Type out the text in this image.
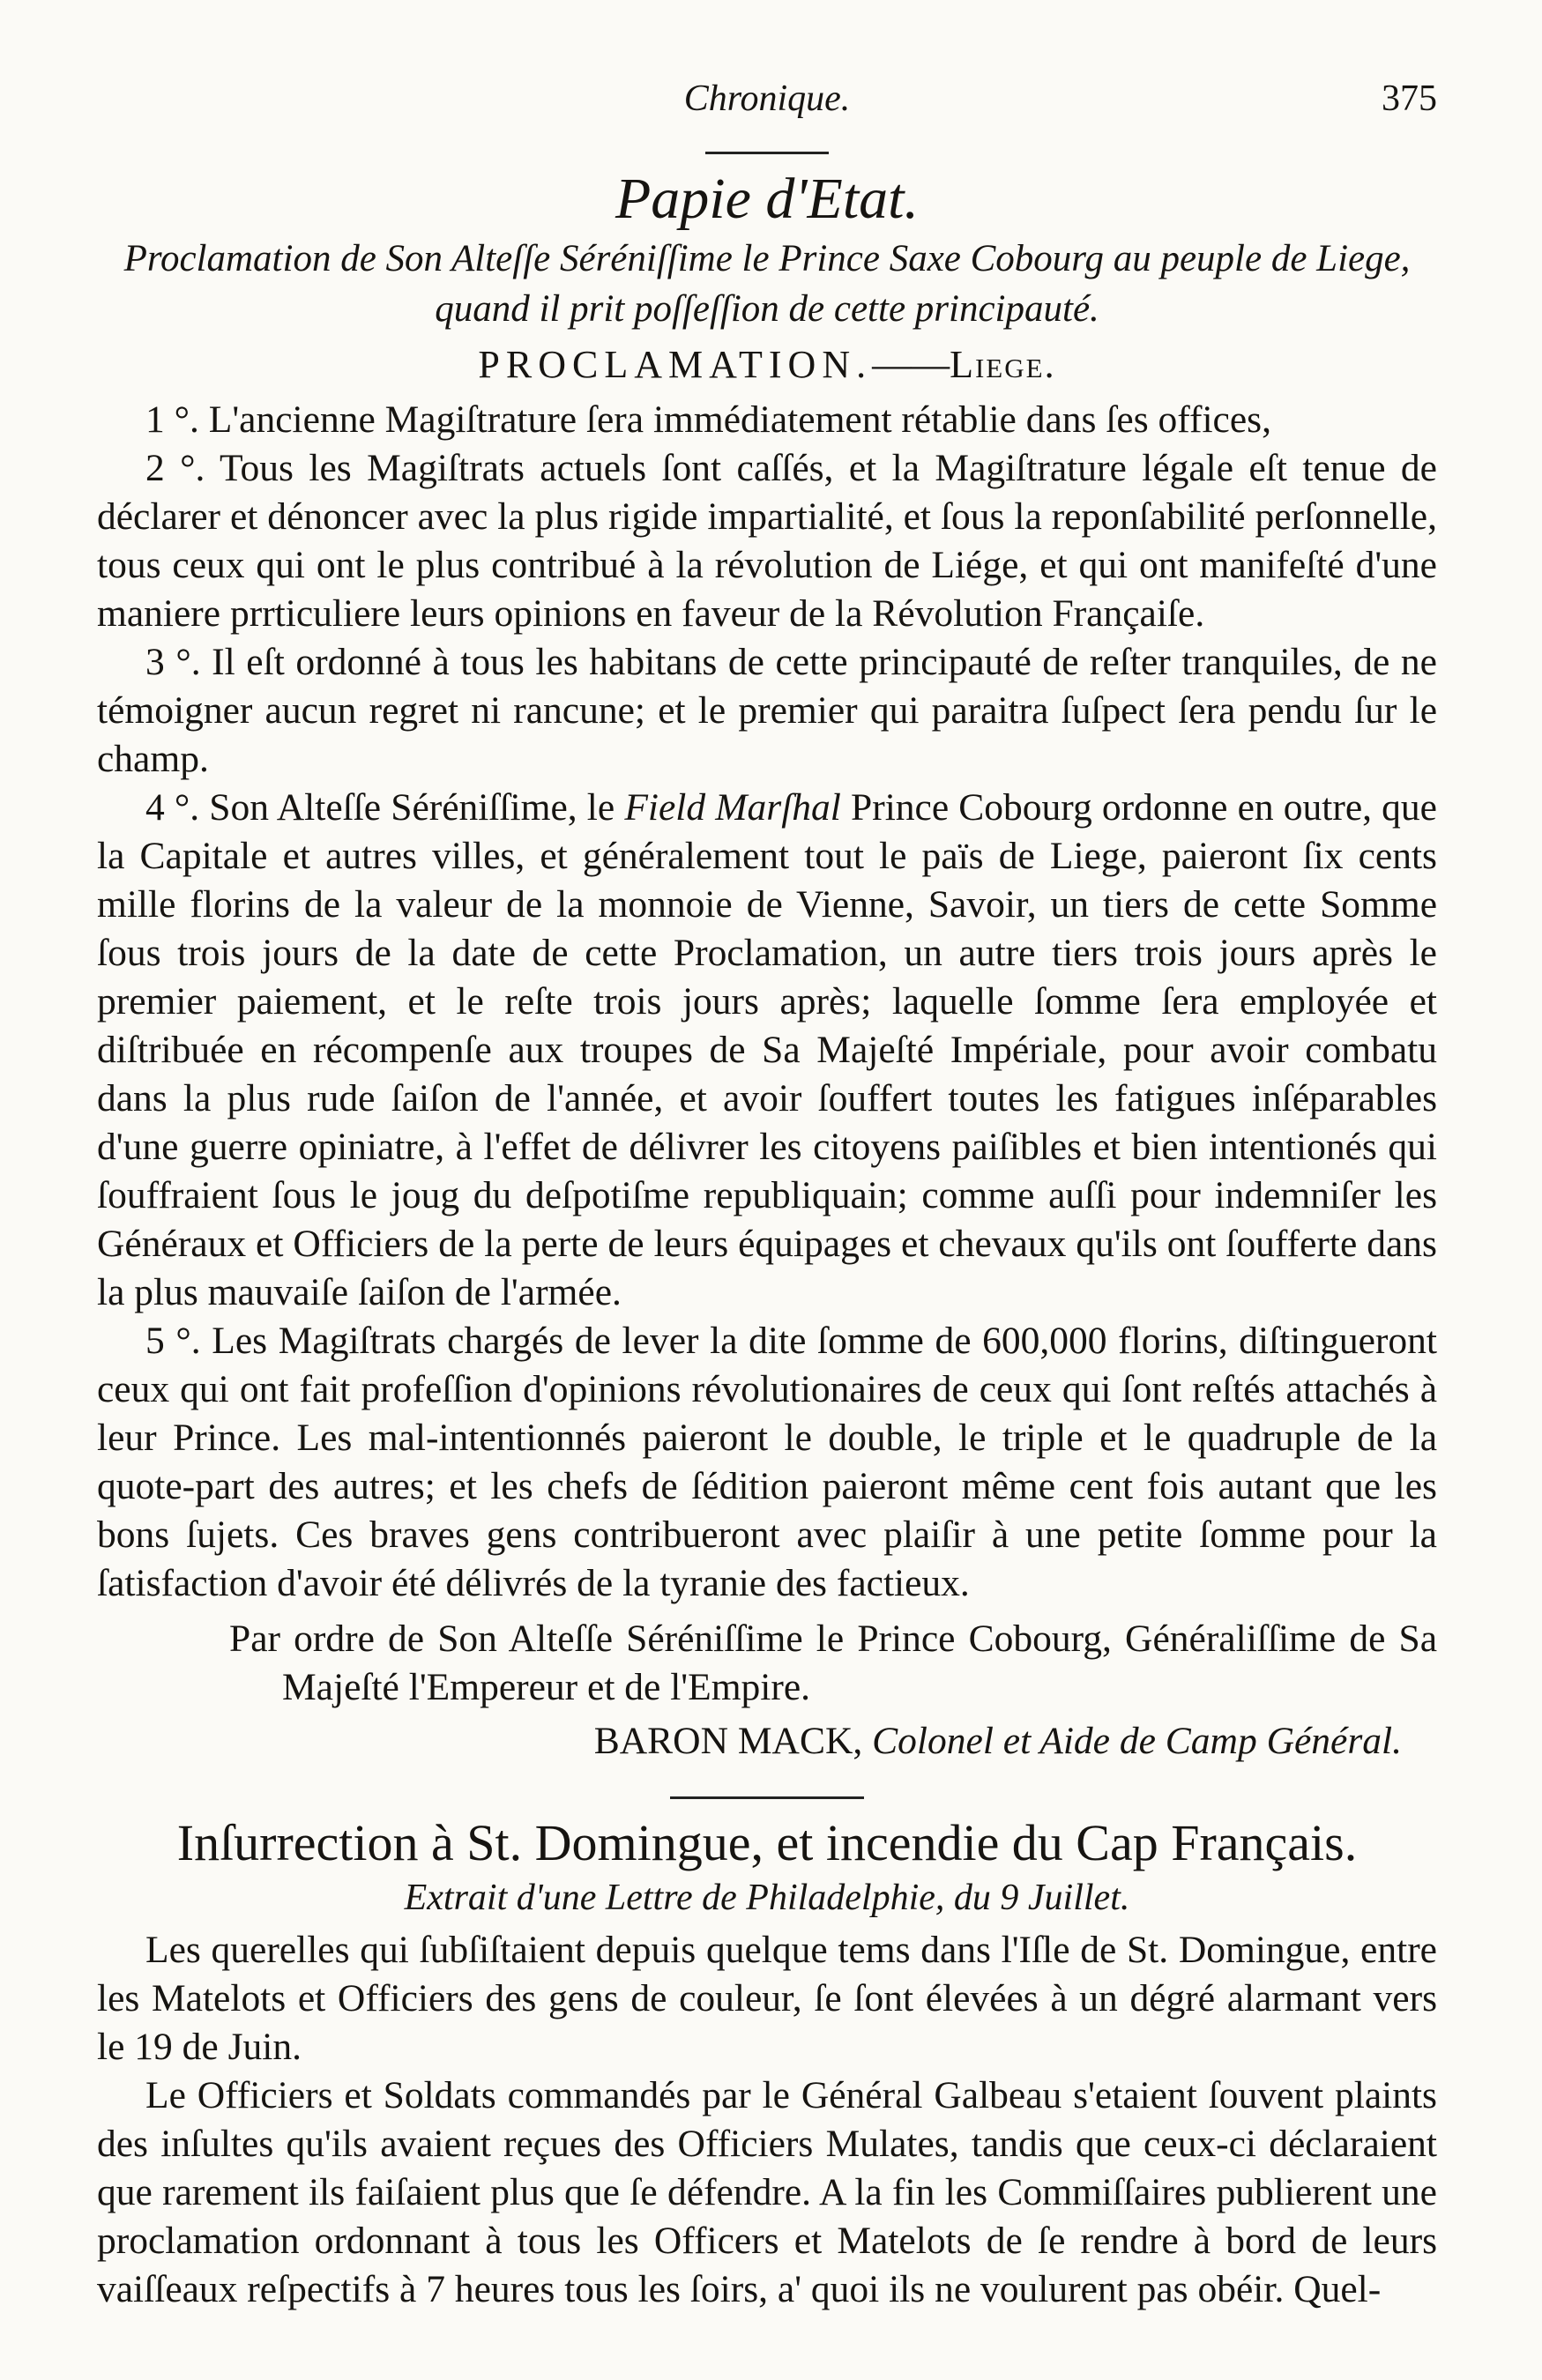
Chronique.	375
Papie d'Etat.
Proclamation de Son Alteſſe Séréniſſime le Prince Saxe Cobourg au peuple de Liege, quand il prit poſſeſſion de cette principauté.
PROCLAMATION.——Liege.

1 °. L'ancienne Magiſtrature ſera immédiatement rétablie dans ſes offices,

2 °. Tous les Magiſtrats actuels ſont caſſés, et la Magiſtrature légale eſt tenue de déclarer et dénoncer avec la plus rigide impartialité, et ſous la reponſabilité perſonnelle, tous ceux qui ont le plus contribué à la révolution de Liége, et qui ont manifeſté d'une maniere prrticuliere leurs opinions en faveur de la Révolution Françaiſe.

3 °. Il eſt ordonné à tous les habitans de cette principauté de reſter tranquiles, de ne témoigner aucun regret ni rancune; et le premier qui paraitra ſuſpect ſera pendu ſur le champ.

4 °. Son Alteſſe Séréniſſime, le Field Marſhal Prince Cobourg ordonne en outre, que la Capitale et autres villes, et généralement tout le païs de Liege, paieront ſix cents mille florins de la valeur de la monnoie de Vienne, Savoir, un tiers de cette Somme ſous trois jours de la date de cette Proclamation, un autre tiers trois jours après le premier paiement, et le reſte trois jours après; laquelle ſomme ſera employée et diſtribuée en récompenſe aux troupes de Sa Majeſté Impériale, pour avoir combatu dans la plus rude ſaiſon de l'année, et avoir ſouffert toutes les fatigues inſéparables d'une guerre opiniatre, à l'effet de délivrer les citoyens paiſibles et bien intentionés qui ſouffraient ſous le joug du deſpotiſme republiquain; comme auſſi pour indemniſer les Généraux et Officiers de la perte de leurs équipages et chevaux qu'ils ont ſoufferte dans la plus mauvaiſe ſaiſon de l'armée.

5 °. Les Magiſtrats chargés de lever la dite ſomme de 600,000 florins, diſtingueront ceux qui ont fait profeſſion d'opinions révolutionaires de ceux qui ſont reſtés attachés à leur Prince. Les mal-intentionnés paieront le double, le triple et le quadruple de la quote-part des autres; et les chefs de ſédition paieront même cent fois autant que les bons ſujets. Ces braves gens contribueront avec plaiſir à une petite ſomme pour la ſatisfaction d'avoir été délivrés de la tyranie des factieux.

Par ordre de Son Alteſſe Séréniſſime le Prince Cobourg, Généraliſſime de Sa Majeſté l'Empereur et de l'Empire.

BARON MACK, Colonel et Aide de Camp Général.
Inſurrection à St. Domingue, et incendie du Cap Français.
Extrait d'une Lettre de Philadelphie, du 9 Juillet.

Les querelles qui ſubſiſtaient depuis quelque tems dans l'Iſle de St. Domingue, entre les Matelots et Officiers des gens de couleur, ſe ſont élevées à un dégré alarmant vers le 19 de Juin.

Le Officiers et Soldats commandés par le Général Galbeau s'etaient ſouvent plaints des inſultes qu'ils avaient reçues des Officiers Mulates, tandis que ceux-ci déclaraient que rarement ils faiſaient plus que ſe défendre. A la fin les Commiſſaires publierent une proclamation ordonnant à tous les Officers et Matelots de ſe rendre à bord de leurs vaiſſeaux reſpectifs à 7 heures tous les ſoirs, a' quoi ils ne voulurent pas obéir. Quel-
